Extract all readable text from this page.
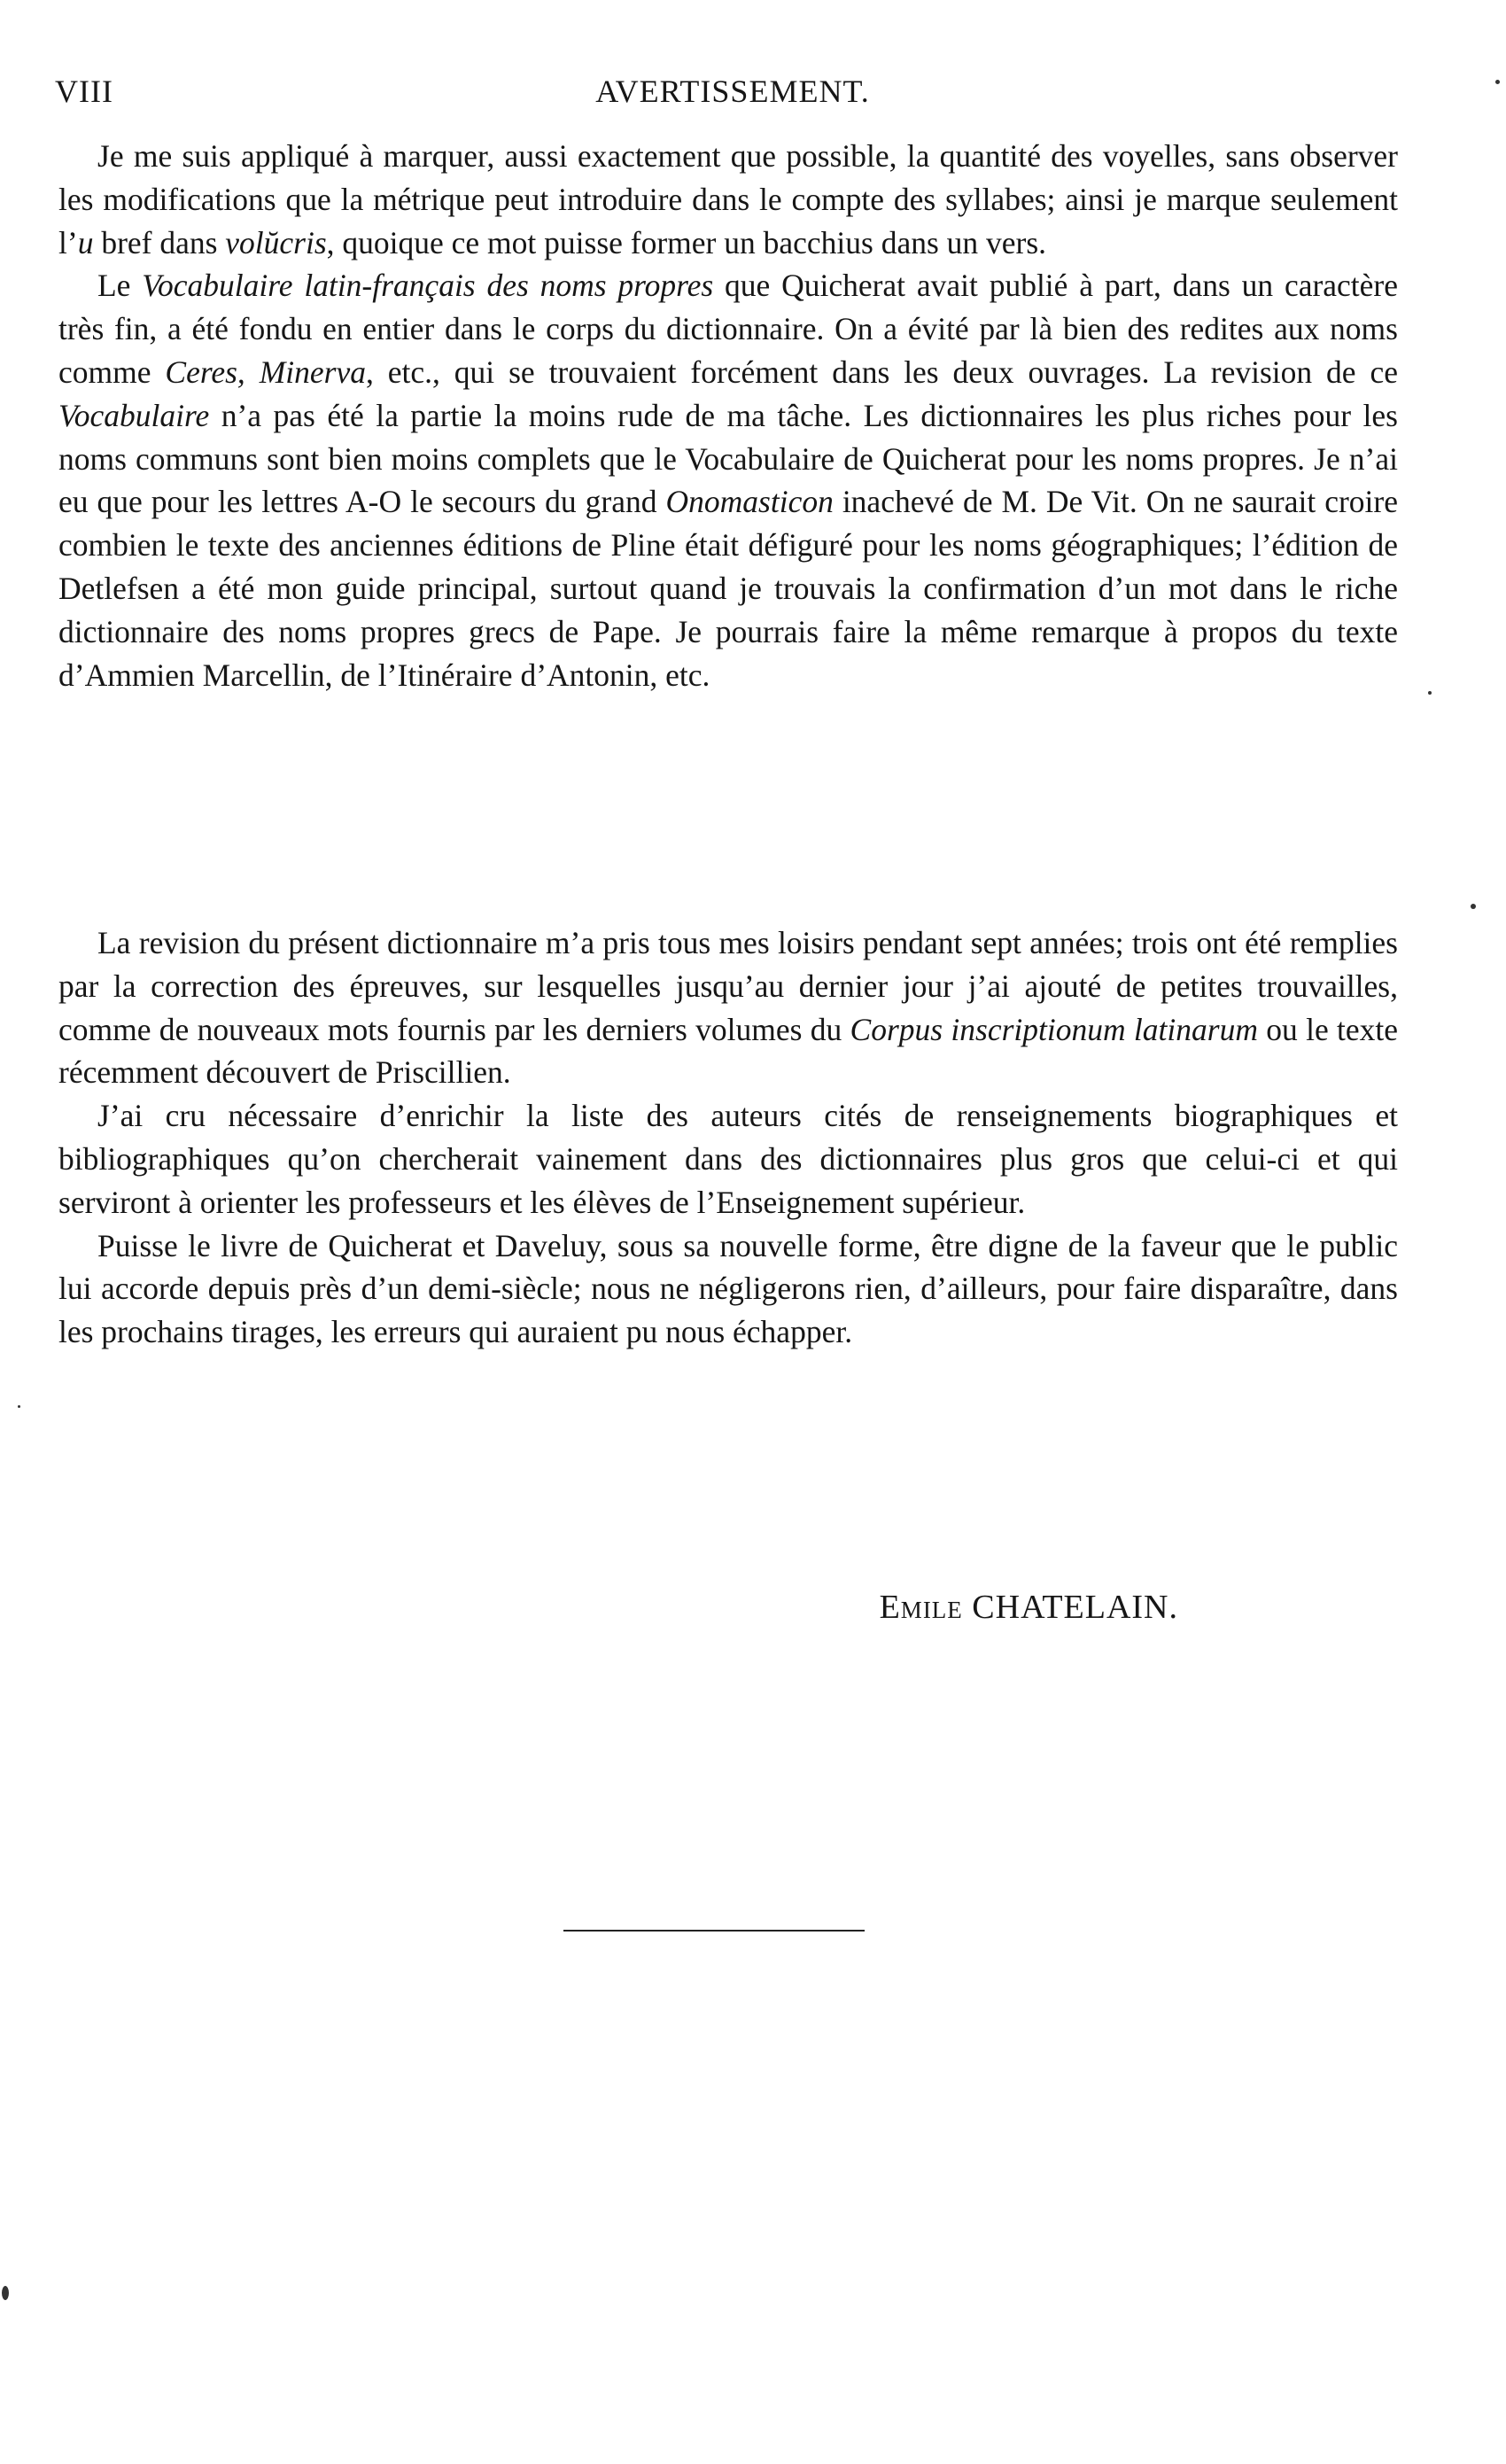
VIII	AVERTISSEMENT.

Je me suis appliqué à marquer, aussi exactement que possible, la quantité des voyelles, sans observer les modifications que la métrique peut introduire dans le compte des syllabes; ainsi je marque seulement l’u bref dans volŭcris, quoique ce mot puisse former un bacchius dans un vers.

Le Vocabulaire latin-français des noms propres que Quicherat avait publié à part, dans un caractère très fin, a été fondu en entier dans le corps du dictionnaire. On a évité par là bien des redites aux noms comme Ceres, Minerva, etc., qui se trouvaient forcément dans les deux ouvrages. La revision de ce Vocabulaire n’a pas été la partie la moins rude de ma tâche. Les dictionnaires les plus riches pour les noms communs sont bien moins complets que le Vocabulaire de Quicherat pour les noms propres. Je n’ai eu que pour les lettres A-O le secours du grand Onomasticon inachevé de M. De Vit. On ne saurait croire combien le texte des anciennes éditions de Pline était défiguré pour les noms géographiques; l’édition de Detlefsen a été mon guide principal, surtout quand je trouvais la confirmation d’un mot dans le riche dictionnaire des noms propres grecs de Pape. Je pourrais faire la même remarque à propos du texte d’Ammien Marcellin, de l’Itinéraire d’Antonin, etc.

La revision du présent dictionnaire m’a pris tous mes loisirs pendant sept années; trois ont été remplies par la correction des épreuves, sur lesquelles jusqu’au dernier jour j’ai ajouté de petites trouvailles, comme de nouveaux mots fournis par les derniers volumes du Corpus inscriptionum latinarum ou le texte récemment découvert de Priscillien.

J’ai cru nécessaire d’enrichir la liste des auteurs cités de renseignements biographiques et bibliographiques qu’on chercherait vainement dans des dictionnaires plus gros que celui-ci et qui serviront à orienter les professeurs et les élèves de l’Enseignement supérieur.

Puisse le livre de Quicherat et Daveluy, sous sa nouvelle forme, être digne de la faveur que le public lui accorde depuis près d’un demi-siècle; nous ne négligerons rien, d’ailleurs, pour faire disparaître, dans les prochains tirages, les erreurs qui auraient pu nous échapper.

Emile CHATELAIN.
